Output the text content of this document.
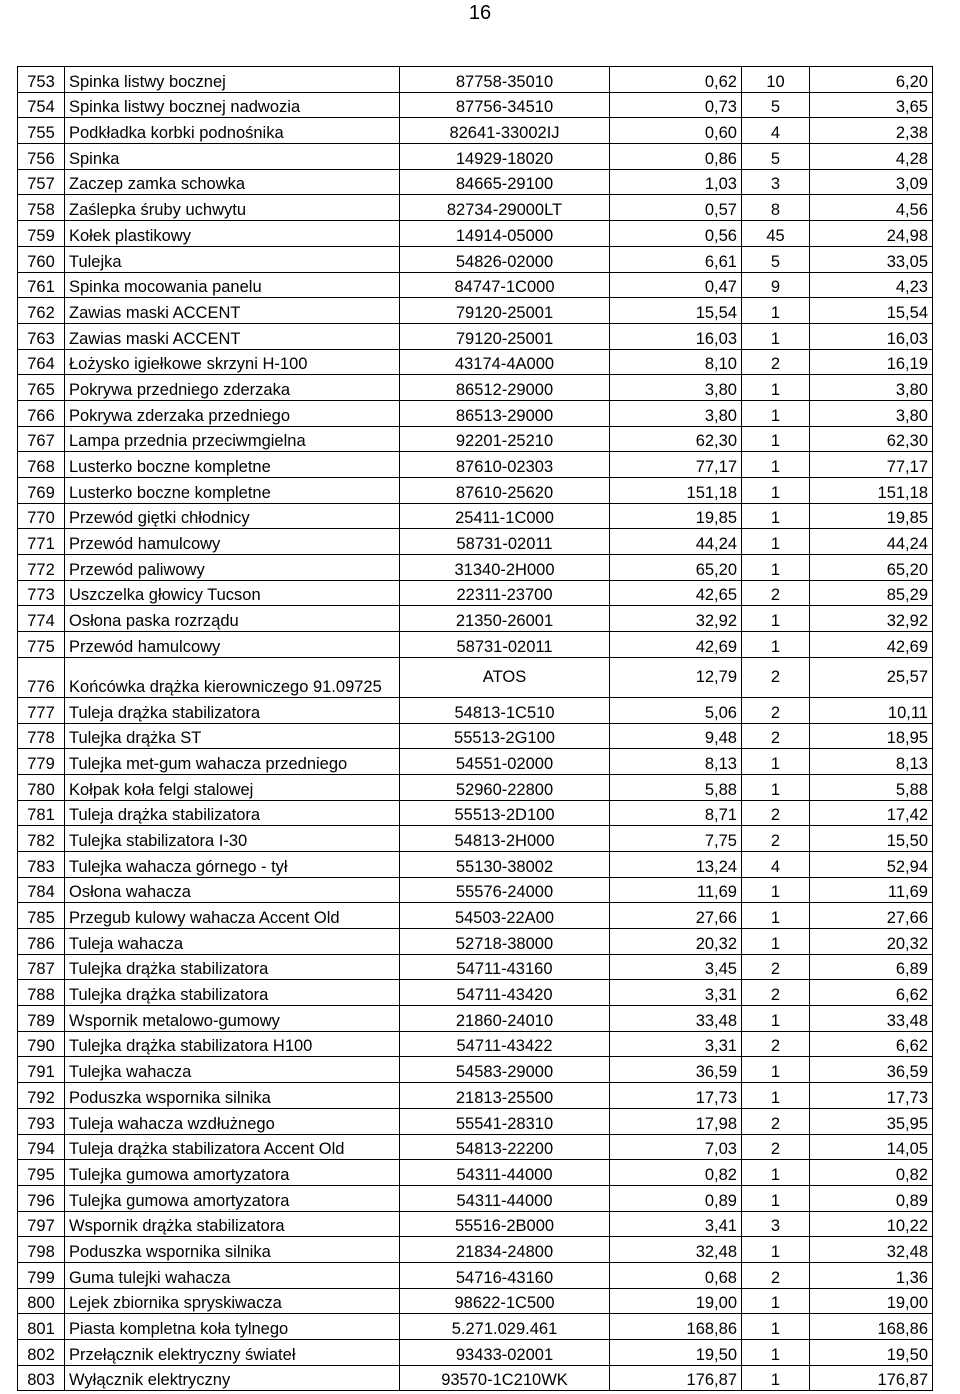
16
753	Spinka listwy bocznej	87758-35010	0,62	10	6,20
754	Spinka listwy bocznej nadwozia	87756-34510	0,73	5	3,65
755	Podkładka korbki podnośnika	82641-33002IJ	0,60	4	2,38
756	Spinka	14929-18020	0,86	5	4,28
757	Zaczep zamka schowka	84665-29100	1,03	3	3,09
758	Zaślepka śruby uchwytu	82734-29000LT	0,57	8	4,56
759	Kołek plastikowy	14914-05000	0,56	45	24,98
760	Tulejka	54826-02000	6,61	5	33,05
761	Spinka mocowania panelu	84747-1C000	0,47	9	4,23
762	Zawias maski ACCENT	79120-25001	15,54	1	15,54
763	Zawias maski ACCENT	79120-25001	16,03	1	16,03
764	Łożysko igiełkowe skrzyni H-100	43174-4A000	8,10	2	16,19
765	Pokrywa przedniego zderzaka	86512-29000	3,80	1	3,80
766	Pokrywa zderzaka przedniego	86513-29000	3,80	1	3,80
767	Lampa przednia przeciwmgielna	92201-25210	62,30	1	62,30
768	Lusterko boczne kompletne	87610-02303	77,17	1	77,17
769	Lusterko boczne kompletne	87610-25620	151,18	1	151,18
770	Przewód giętki chłodnicy	25411-1C000	19,85	1	19,85
771	Przewód hamulcowy	58731-02011	44,24	1	44,24
772	Przewód paliwowy	31340-2H000	65,20	1	65,20
773	Uszczelka głowicy Tucson	22311-23700	42,65	2	85,29
774	Osłona paska rozrządu	21350-26001	32,92	1	32,92
775	Przewód hamulcowy	58731-02011	42,69	1	42,69
776	Końcówka drążka kierowniczego 91.09725	ATOS	12,79	2	25,57
777	Tuleja drążka stabilizatora	54813-1C510	5,06	2	10,11
778	Tulejka drążka ST	55513-2G100	9,48	2	18,95
779	Tulejka met-gum wahacza przedniego	54551-02000	8,13	1	8,13
780	Kołpak koła felgi stalowej	52960-22800	5,88	1	5,88
781	Tuleja drążka stabilizatora	55513-2D100	8,71	2	17,42
782	Tulejka stabilizatora I-30	54813-2H000	7,75	2	15,50
783	Tulejka wahacza górnego - tył	55130-38002	13,24	4	52,94
784	Osłona wahacza	55576-24000	11,69	1	11,69
785	Przegub kulowy wahacza Accent Old	54503-22A00	27,66	1	27,66
786	Tuleja wahacza	52718-38000	20,32	1	20,32
787	Tulejka drążka stabilizatora	54711-43160	3,45	2	6,89
788	Tulejka drążka stabilizatora	54711-43420	3,31	2	6,62
789	Wspornik metalowo-gumowy	21860-24010	33,48	1	33,48
790	Tulejka drążka stabilizatora H100	54711-43422	3,31	2	6,62
791	Tulejka wahacza	54583-29000	36,59	1	36,59
792	Poduszka wspornika silnika	21813-25500	17,73	1	17,73
793	Tuleja wahacza wzdłużnego	55541-28310	17,98	2	35,95
794	Tuleja drążka stabilizatora Accent Old	54813-22200	7,03	2	14,05
795	Tulejka gumowa amortyzatora	54311-44000	0,82	1	0,82
796	Tulejka gumowa amortyzatora	54311-44000	0,89	1	0,89
797	Wspornik drążka stabilizatora	55516-2B000	3,41	3	10,22
798	Poduszka wspornika silnika	21834-24800	32,48	1	32,48
799	Guma tulejki wahacza	54716-43160	0,68	2	1,36
800	Lejek zbiornika spryskiwacza	98622-1C500	19,00	1	19,00
801	Piasta kompletna koła tylnego	5.271.029.461	168,86	1	168,86
802	Przełącznik elektryczny świateł	93433-02001	19,50	1	19,50
803	Wyłącznik elektryczny	93570-1C210WK	176,87	1	176,87
